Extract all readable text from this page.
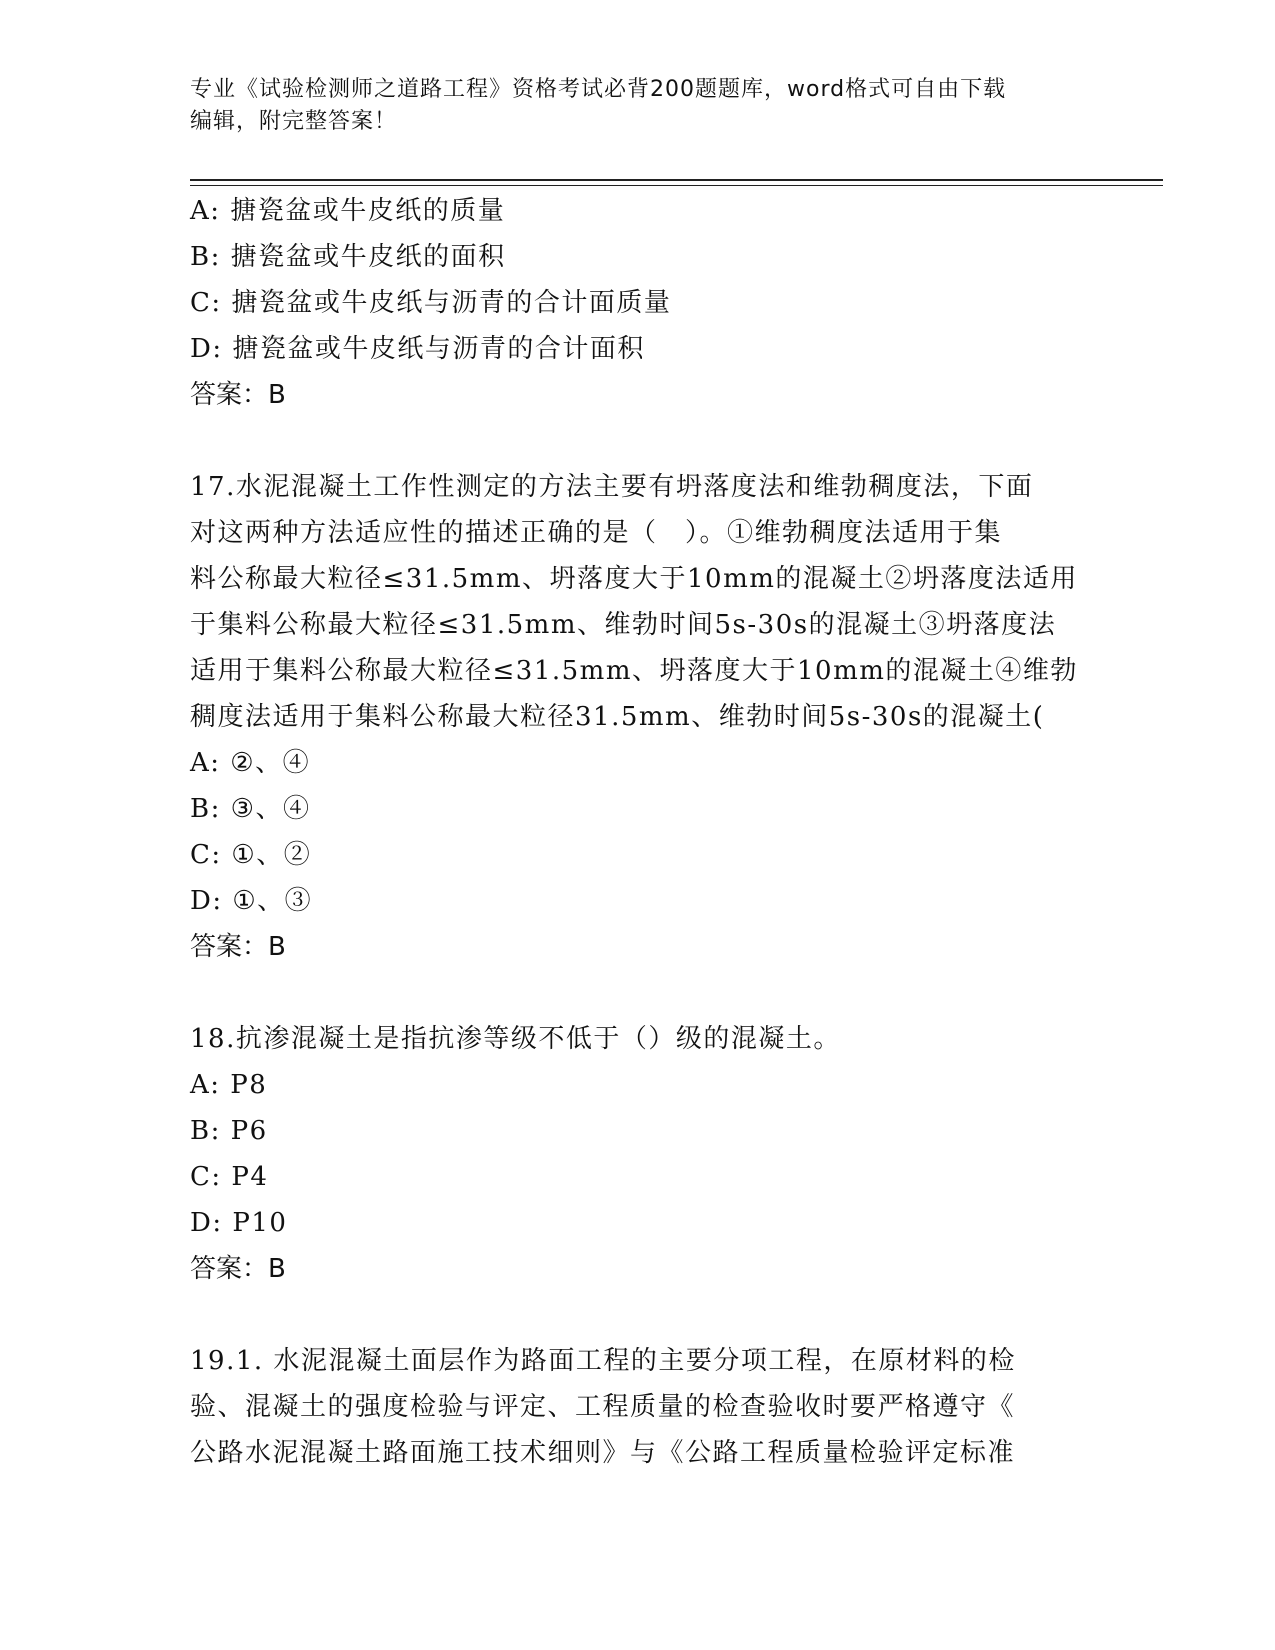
专业《试验检测师之道路工程》资格考试必背200题题库，word格式可自由下载
编辑，附完整答案！
A: 搪瓷盆或牛皮纸的质量
B: 搪瓷盆或牛皮纸的面积
C: 搪瓷盆或牛皮纸与沥青的合计面质量
D: 搪瓷盆或牛皮纸与沥青的合计面积
答案：B
17.水泥混凝土工作性测定的方法主要有坍落度法和维勃稠度法，下面
对这两种方法适应性的描述正确的是（　）。①维勃稠度法适用于集
料公称最大粒径≤31.5mm、坍落度大于10mm的混凝土②坍落度法适用
于集料公称最大粒径≤31.5mm、维勃时间5s-30s的混凝土③坍落度法
适用于集料公称最大粒径≤31.5mm、坍落度大于10mm的混凝土④维勃
稠度法适用于集料公称最大粒径31.5mm、维勃时间5s-30s的混凝土(
A: ②、④
B: ③、④
C: ①、②
D: ①、③
答案：B
18.抗渗混凝土是指抗渗等级不低于（）级的混凝土。
A: P8
B: P6
C: P4
D: P10
答案：B
19.1. 水泥混凝土面层作为路面工程的主要分项工程，在原材料的检
验、混凝土的强度检验与评定、工程质量的检查验收时要严格遵守《
公路水泥混凝土路面施工技术细则》与《公路工程质量检验评定标准
